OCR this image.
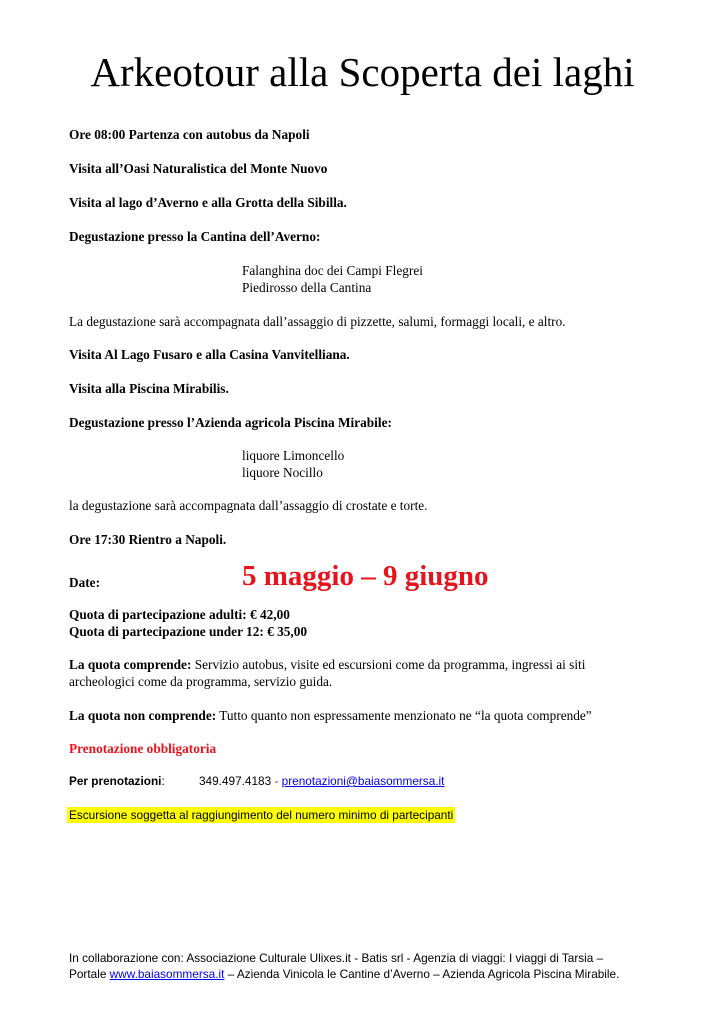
Arkeotour alla Scoperta dei laghi
Ore 08:00 Partenza con autobus da Napoli
Visita all’Oasi Naturalistica del Monte Nuovo
Visita al lago d’Averno e alla Grotta della Sibilla.
Degustazione presso la Cantina dell’Averno:
Falanghina doc dei Campi Flegrei
Piedirosso della Cantina
La degustazione sarà accompagnata dall’assaggio di pizzette, salumi, formaggi locali, e altro.
Visita Al Lago Fusaro e alla Casina Vanvitelliana.
Visita alla Piscina Mirabilis.
Degustazione presso l’Azienda agricola Piscina Mirabile:
liquore Limoncello
liquore Nocillo
la degustazione sarà accompagnata dall’assaggio di crostate e torte.
Ore 17:30 Rientro a Napoli.
Date:	5 maggio – 9 giugno
Quota di partecipazione adulti: € 42,00
Quota di partecipazione under 12: € 35,00
La quota comprende: Servizio autobus, visite ed escursioni come da programma, ingressi ai siti
archeologici come da programma, servizio guida.
La quota non comprende: Tutto quanto non espressamente menzionato ne “la quota comprende”
Prenotazione obbligatoria
Per prenotazioni:	349.497.4183 - prenotazioni@baiasommersa.it
Escursione soggetta al raggiungimento del numero minimo di partecipanti
In collaborazione con: Associazione Culturale Ulixes.it - Batis srl - Agenzia di viaggi: I viaggi di Tarsia –
Portale www.baiasommersa.it – Azienda Vinicola le Cantine d’Averno – Azienda Agricola Piscina Mirabile.
